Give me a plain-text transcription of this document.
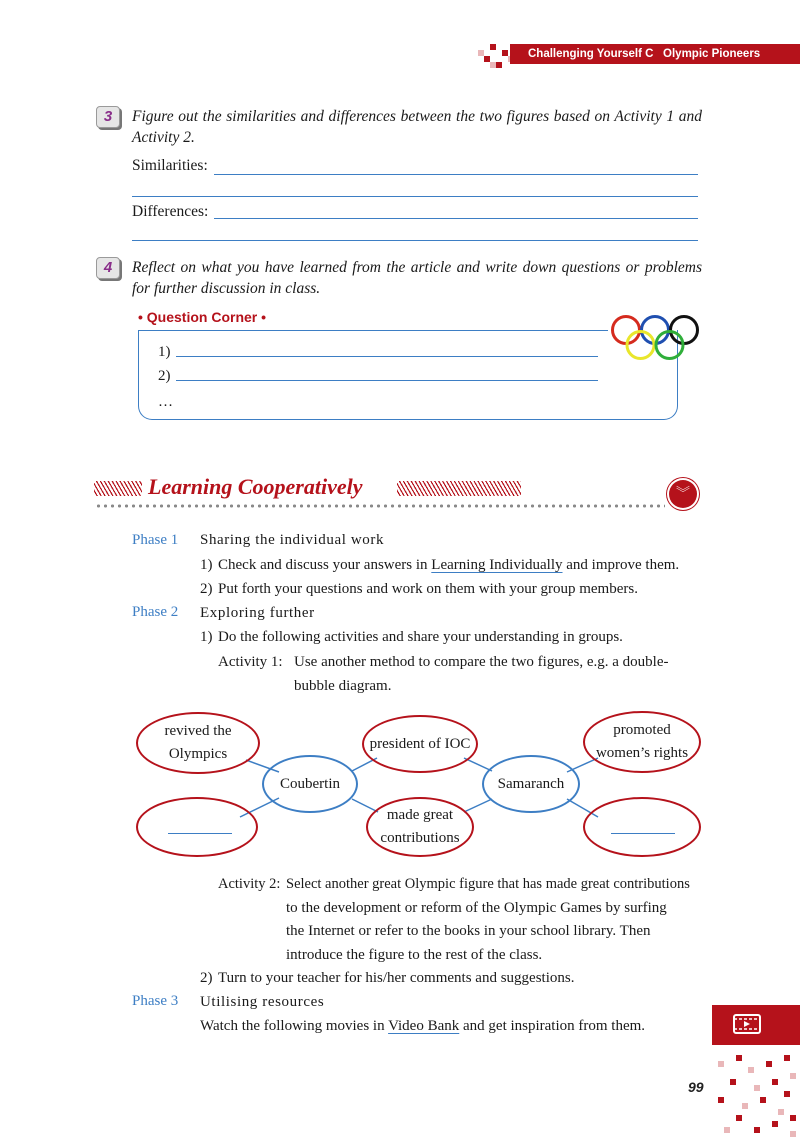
Challenging Yourself C Olympic Pioneers
3	Figure out the similarities and differences between the two figures based on Activity 1 and Activity 2.
Similarities:
Differences:
4	Reflect on what you have learned from the article and write down questions or problems for further discussion in class.
• Question Corner •
1)
2)
…
Learning Cooperatively	︾
Phase 1 Sharing the individual work
1) Check and discuss your answers in Learning Individually and improve them.
2) Put forth your questions and work on them with your group members.
Phase 2 Exploring further
1) Do the following activities and share your understanding in groups.
Activity 1: Use another method to compare the two figures, e.g. a double-
bubble diagram.
revived the
Olympics
president of IOC
promoted
women’s rights
Coubertin	Samaranch
made great
contributions
Activity 2: Select another great Olympic figure that has made great contributions
to the development or reform of the Olympic Games by surfing
the Internet or refer to the books in your school library. Then
introduce the figure to the rest of the class.
2) Turn to your teacher for his/her comments and suggestions.
Phase 3 Utilising resources
Watch the following movies in Video Bank and get inspiration from them.
99
